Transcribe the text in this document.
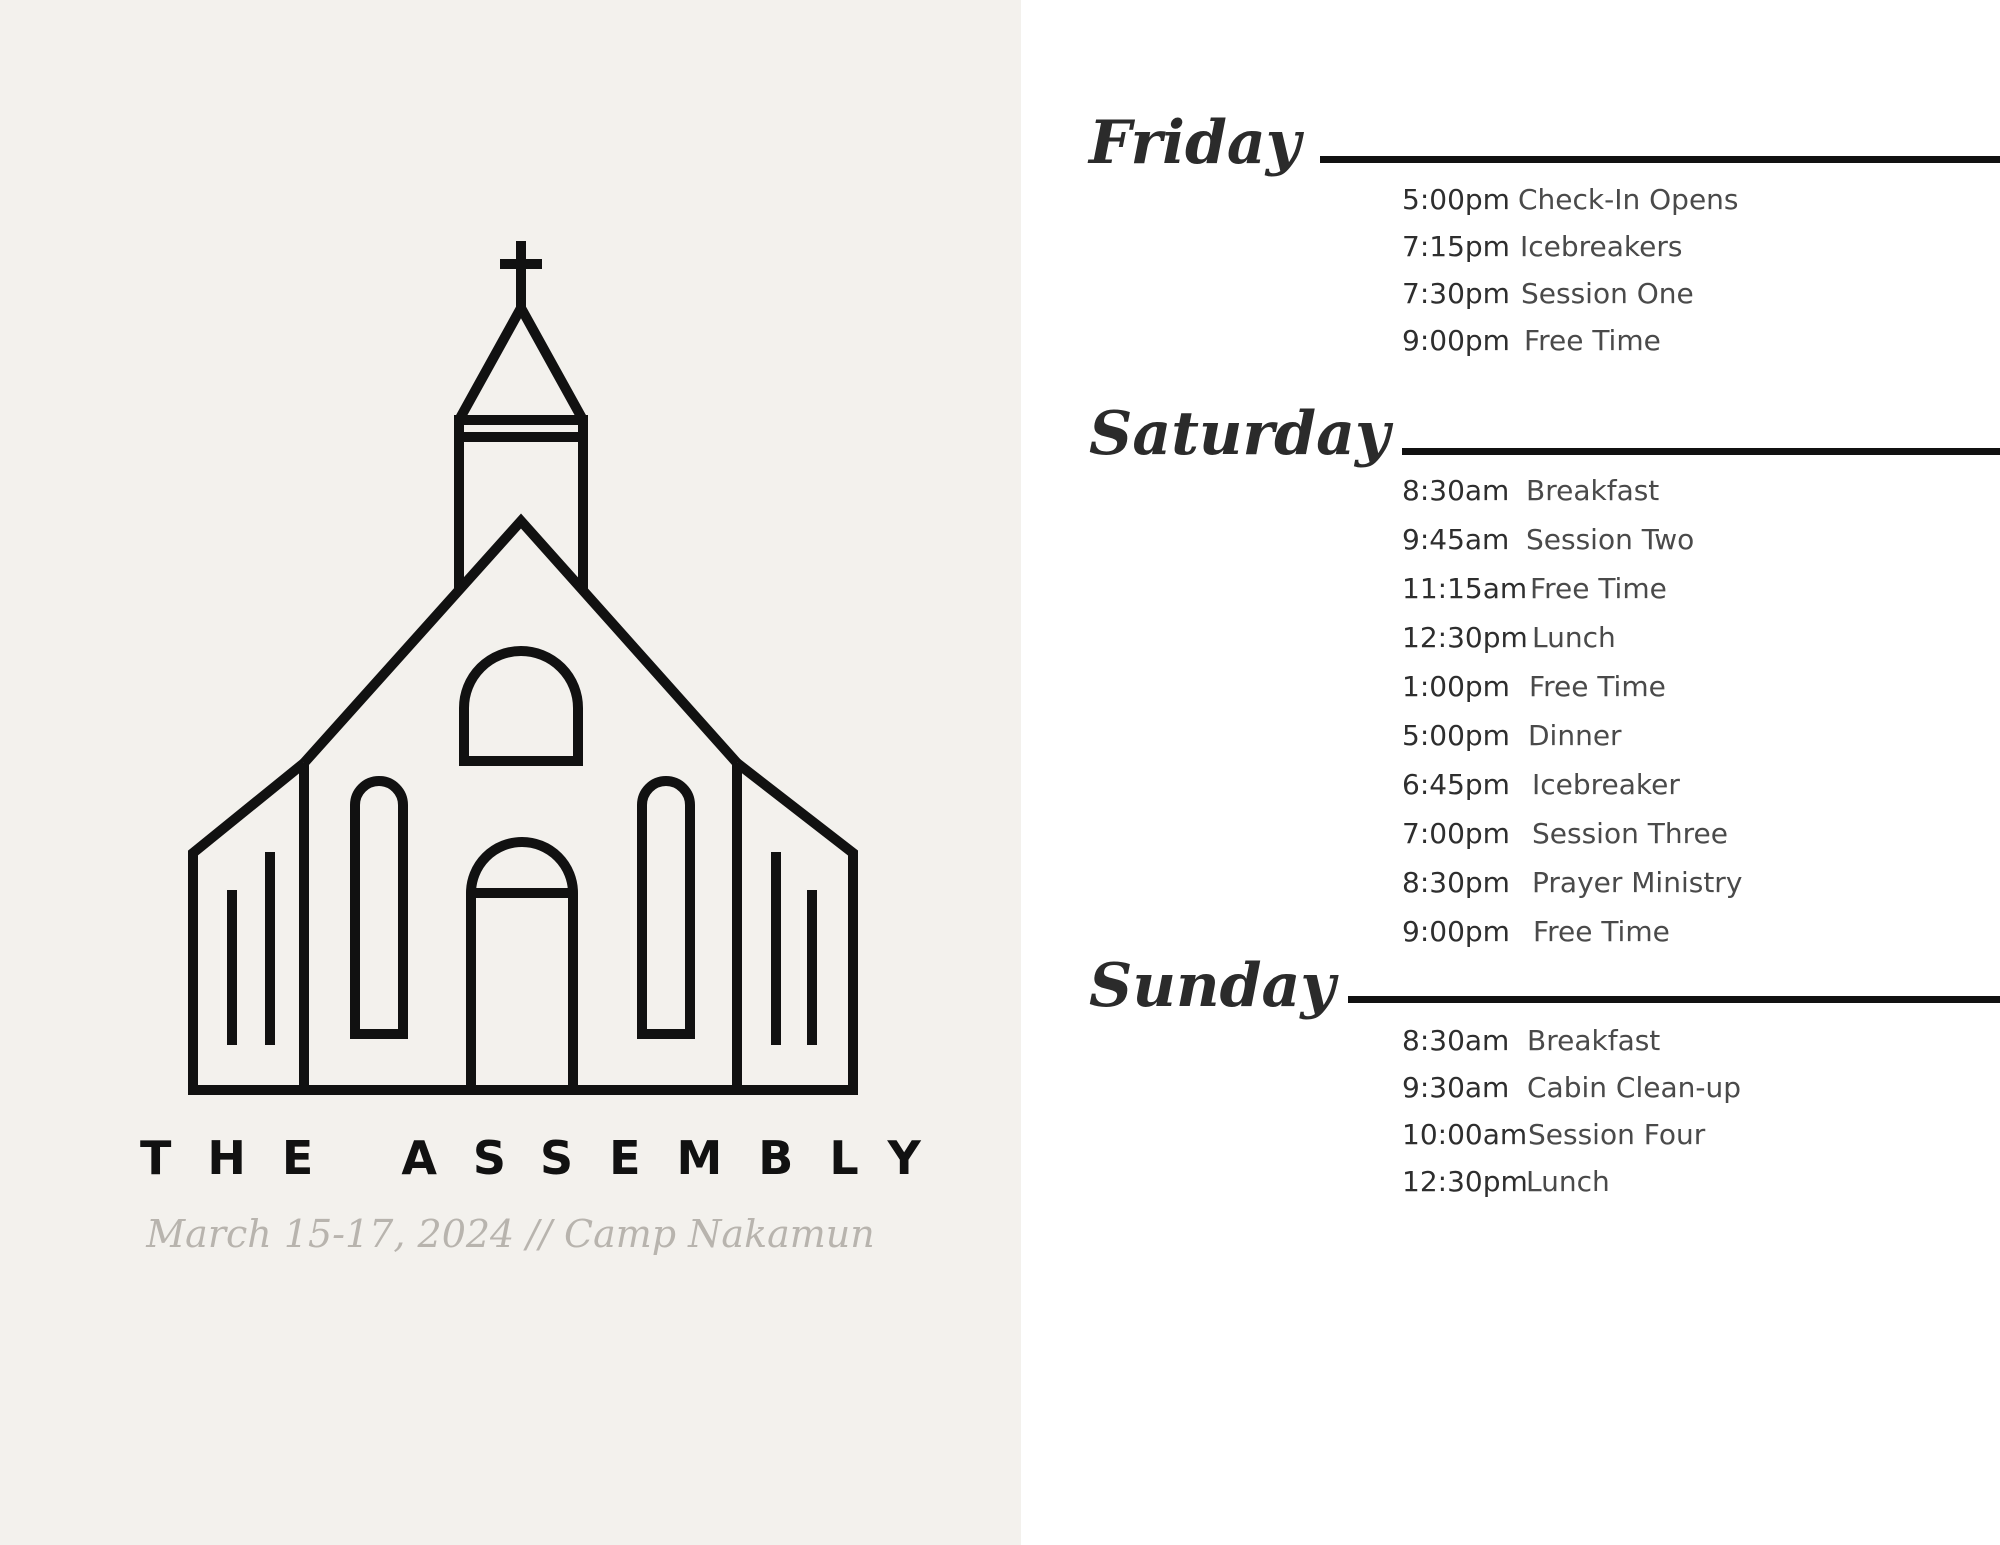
THE ASSEMBLY
March 15-17, 2024 // Camp Nakamun
Friday
5:00pm Check-In Opens
7:15pm Icebreakers
7:30pm Session One
9:00pm Free Time
Saturday
8:30am Breakfast
9:45am Session Two
11:15am Free Time
12:30pm Lunch
1:00pm Free Time
5:00pm Dinner
6:45pm Icebreaker
7:00pm Session Three
8:30pm Prayer Ministry
9:00pm Free Time
Sunday
8:30am Breakfast
9:30am Cabin Clean-up
10:00am Session Four
12:30pm
Lunch
